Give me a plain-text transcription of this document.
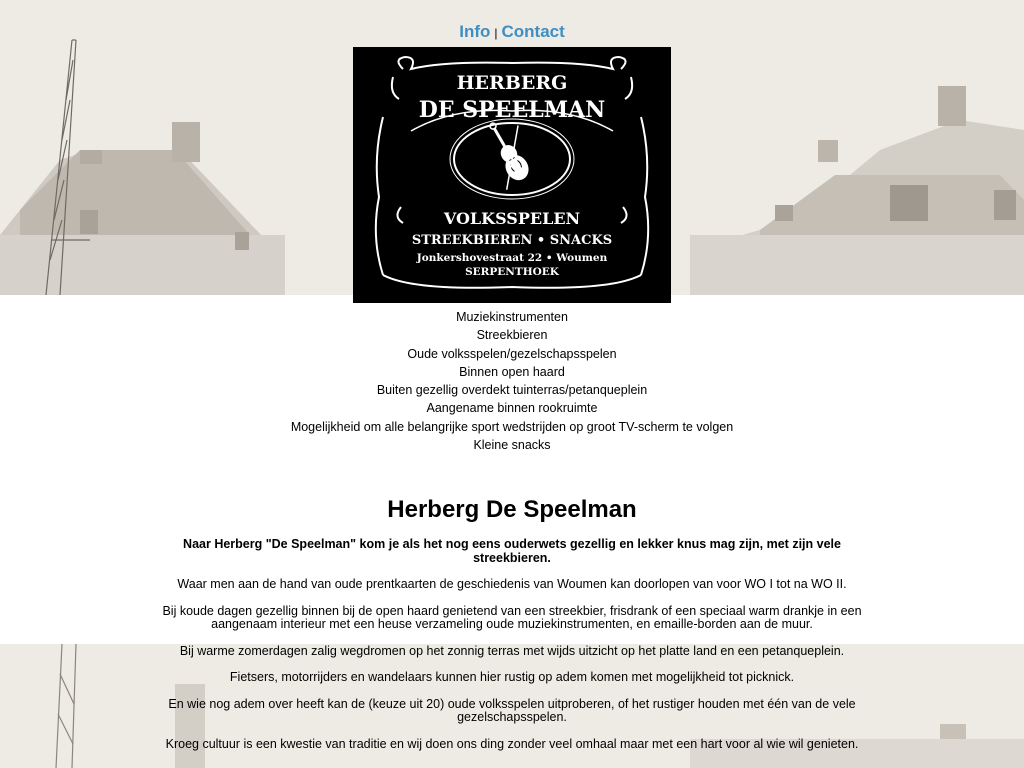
Info | Contact
HERBERG
DE SPEELMAN
VOLKSSPELEN
STREEKBIEREN • SNACKS
Jonkershovestraat 22 • Woumen
SERPENTHOEK
Muziekinstrumenten
Streekbieren
Oude volksspelen/gezelschapsspelen
Binnen open haard
Buiten gezellig overdekt tuinterras/petanqueplein
Aangename binnen rookruimte
Mogelijkheid om alle belangrijke sport wedstrijden op groot TV-scherm te volgen
Kleine snacks
Herberg De Speelman

Naar Herberg "De Speelman" kom je als het nog eens ouderwets gezellig en lekker knus mag zijn, met zijn vele streekbieren.

Waar men aan de hand van oude prentkaarten de geschiedenis van Woumen kan doorlopen van voor WO I tot na WO II.

Bij koude dagen gezellig binnen bij de open haard genietend van een streekbier, frisdrank of een speciaal warm drankje in een aangenaam interieur met een heuse verzameling oude muziekinstrumenten, en emaille-borden aan de muur.

Bij warme zomerdagen zalig wegdromen op het zonnig terras met wijds uitzicht op het platte land en een petanqueplein.

Fietsers, motorrijders en wandelaars kunnen hier rustig op adem komen met mogelijkheid tot picknick.

En wie nog adem over heeft kan de (keuze uit 20) oude volksspelen uitproberen, of het rustiger houden met één van de vele gezelschapsspelen.

Kroeg cultuur is een kwestie van traditie en wij doen ons ding zonder veel omhaal maar met een hart voor al wie wil genieten.
